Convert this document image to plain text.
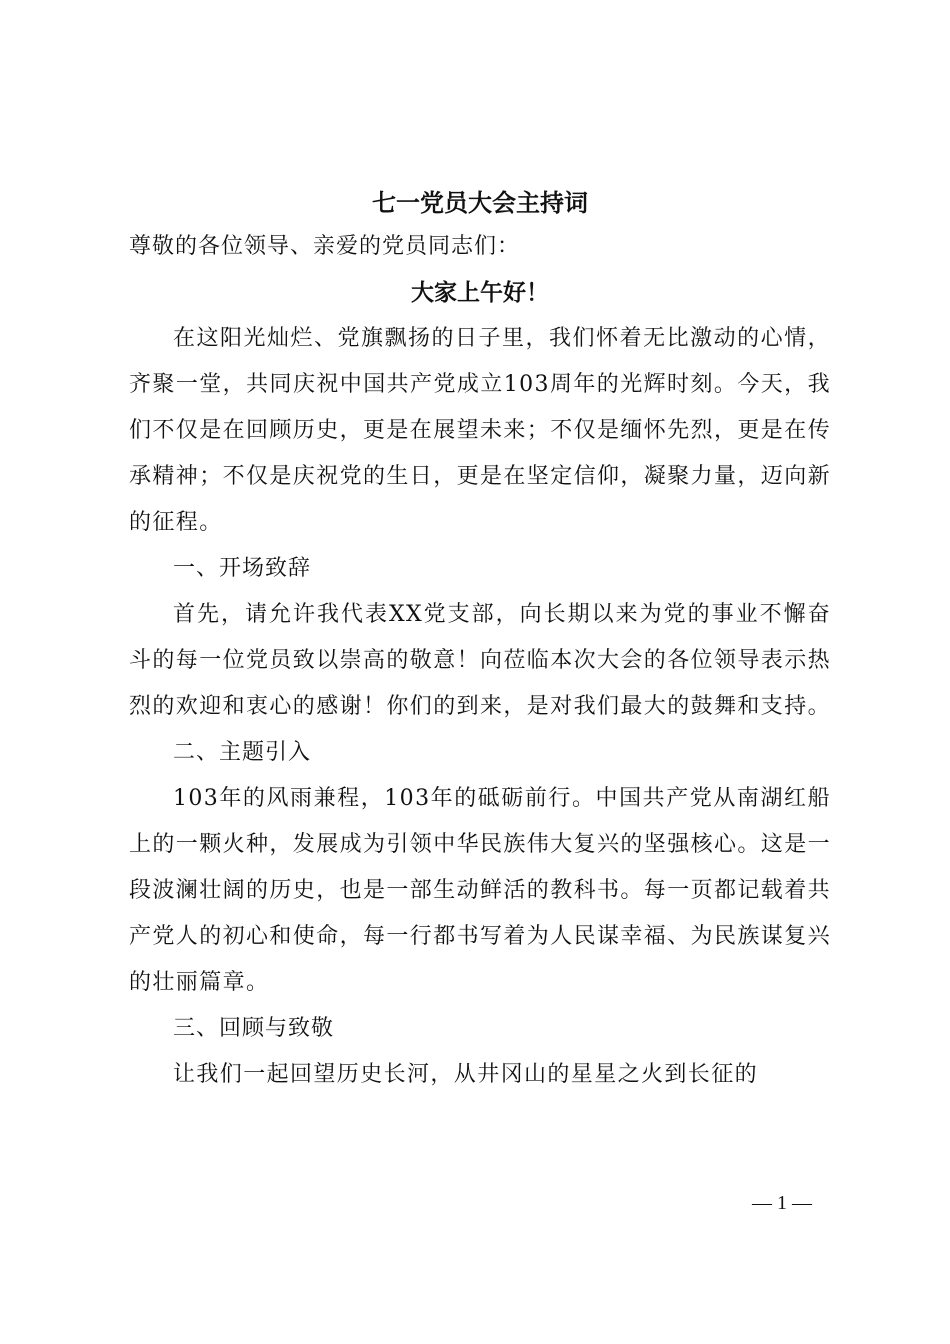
七一党员大会主持词

尊敬的各位领导、亲爱的党员同志们：

大家上午好！

在这阳光灿烂、党旗飘扬的日子里，我们怀着无比激动的心情，齐聚一堂，共同庆祝中国共产党成立103周年的光辉时刻。今天，我们不仅是在回顾历史，更是在展望未来；不仅是缅怀先烈，更是在传承精神；不仅是庆祝党的生日，更是在坚定信仰，凝聚力量，迈向新的征程。

一、开场致辞

首先，请允许我代表XX党支部，向长期以来为党的事业不懈奋斗的每一位党员致以崇高的敬意！向莅临本次大会的各位领导表示热烈的欢迎和衷心的感谢！你们的到来，是对我们最大的鼓舞和支持。

二、主题引入

103年的风雨兼程，103年的砥砺前行。中国共产党从南湖红船上的一颗火种，发展成为引领中华民族伟大复兴的坚强核心。这是一段波澜壮阔的历史，也是一部生动鲜活的教科书。每一页都记载着共产党人的初心和使命，每一行都书写着为人民谋幸福、为民族谋复兴的壮丽篇章。

三、回顾与致敬

让我们一起回望历史长河，从井冈山的星星之火到长征的

— 1 —
